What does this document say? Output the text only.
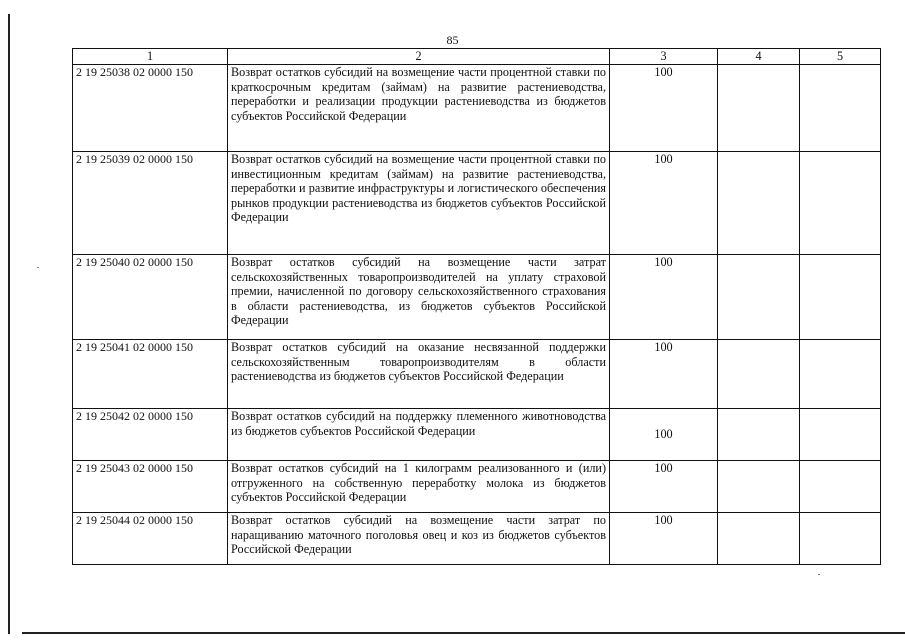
85
1	2	3	4	5
2 19 25038 02 0000 150	Возврат остатков субсидий на возмещение части процентной ставки по краткосрочным кредитам (займам) на развитие растениеводства, переработки и реализации продукции растениеводства из бюджетов субъектов Российской Федерации	100		
2 19 25039 02 0000 150	Возврат остатков субсидий на возмещение части процентной ставки по инвестиционным кредитам (займам) на развитие растениеводства, переработки и развитие инфраструктуры и логистического обеспечения рынков продукции растениеводства из бюджетов субъектов Российской Федерации	100		
2 19 25040 02 0000 150	Возврат остатков субсидий на возмещение части затрат сельскохозяйственных товаропроизводителей на уплату страховой премии, начисленной по договору сельскохозяйственного страхования в области растениеводства, из бюджетов субъектов Российской Федерации	100		
2 19 25041 02 0000 150	Возврат остатков субсидий на оказание несвязанной поддержки сельскохозяйственным товаропроизводителям в области растениеводства из бюджетов субъектов Российской Федерации	100		
2 19 25042 02 0000 150	Возврат остатков субсидий на поддержку племенного животноводства из бюджетов субъектов Российской Федерации	100		
2 19 25043 02 0000 150	Возврат остатков субсидий на 1 килограмм реализованного и (или) отгруженного на собственную переработку молока из бюджетов субъектов Российской Федерации	100		
2 19 25044 02 0000 150	Возврат остатков субсидий на возмещение части затрат по наращиванию маточного поголовья овец и коз из бюджетов субъектов Российской Федерации	100		
